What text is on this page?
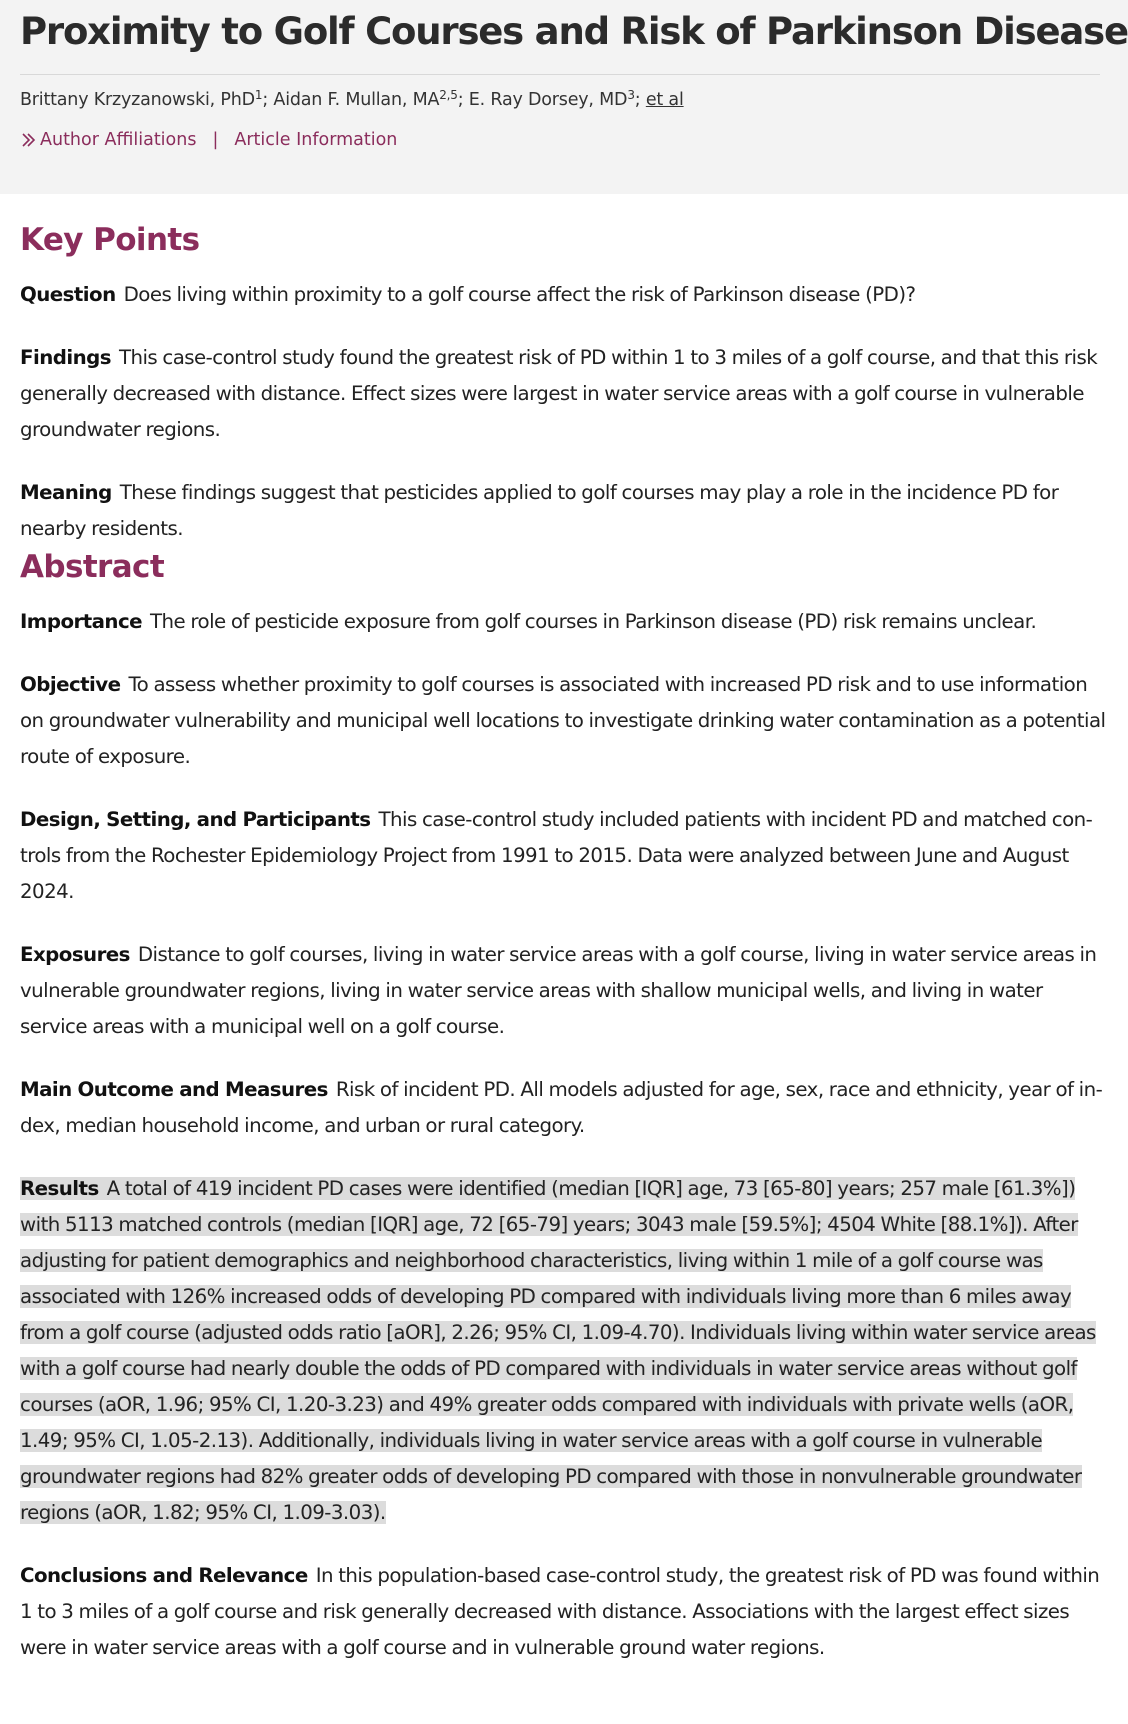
Proximity to Golf Courses and Risk of Parkinson Disease
Brittany Krzyzanowski, PhD$^1$; Aidan F. Mullan, MA$^{2,5}$; E. Ray Dorsey, $MD^3$; et al
Author Affiliations | Article Information
Key Points

Question Does living within proximity to a golf course affect the risk of Parkinson disease (PD)?

Findings This case-control study found the greatest risk of PD within 1 to 3 miles of a golf course, and that this risk generally decreased with distance. Effect sizes were largest in water service areas with a golf course in vulnerable groundwater regions.

Meaning These findings suggest that pesticides applied to golf courses may play a role in the incidence PD for nearby residents.

Abstract

Importance The role of pesticide exposure from golf courses in Parkinson disease (PD) risk remains unclear.

Objective To assess whether proximity to golf courses is associated with increased PD risk and to use information on groundwater vulnerability and municipal well locations to investigate drinking water contamination as a potential route of exposure.

Design, Setting, and Participants This case-control study included patients with incident PD and matched controls from the Rochester Epidemiology Project from 1991 to 2015. Data were analyzed between June and August 2024.

Exposures Distance to golf courses, living in water service areas with a golf course, living in water service areas in vulnerable groundwater regions, living in water service areas with shallow municipal wells, and living in water service areas with a municipal well on a golf course.

Main Outcome and Measures Risk of incident PD. All models adjusted for age, sex, race and ethnicity, year of index, median household income, and urban or rural category.

Results A total of 419 incident PD cases were identified (median [IQR] age, 73 [65-80] years; 257 male [61.3%]) with 5113 matched controls (median [IQR] age, 72 [65-79] years; 3043 male [59.5%]; 4504 White [88.1%]). After adjusting for patient demographics and neighborhood characteristics, living within 1 mile of a golf course was associated with 126% increased odds of developing PD compared with individuals living more than 6 miles away from a golf course (adjusted odds ratio [aOR], 2.26; 95% CI, 1.09-4.70). Individuals living within water service areas with a golf course had nearly double the odds of PD compared with individuals in water service areas without golf courses (aOR, 1.96; 95% CI, 1.20-3.23) and 49% greater odds compared with individuals with private wells (aOR, 1.49; 95% CI, 1.05-2.13). Additionally, individuals living in water service areas with a golf course in vulnerable groundwater regions had 82% greater odds of developing PD compared with those in nonvulnerable groundwater regions (aOR, 1.82; 95% CI, 1.09-3.03).

Conclusions and Relevance In this population-based case-control study, the greatest risk of PD was found within 1 to 3 miles of a golf course and risk generally decreased with distance. Associations with the largest effect sizes were in water service areas with a golf course and in vulnerable ground water regions.
